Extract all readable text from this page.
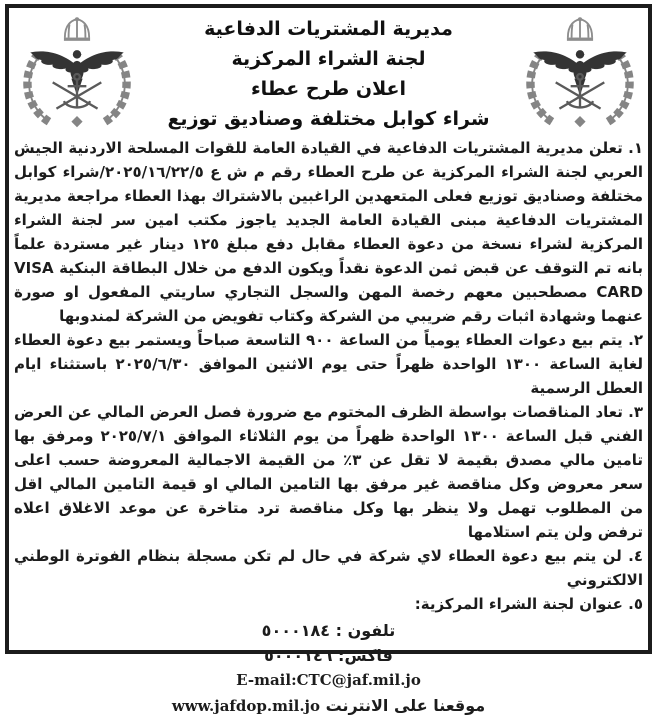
مديرية المشتريات الدفاعية
لجنة الشراء المركزية
اعلان طرح عطاء
شراء كوابل مختلفة وصناديق توزيع

١. تعلن مديرية المشتريات الدفاعية في القيادة العامة للقوات المسلحة الاردنية الجيش العربي لجنة الشراء المركزية عن طرح العطاء رقم م ش ع ٢٠٢٥/١٦/٢٢/٥/شراء كوابل مختلفة وصناديق توزيع فعلى المتعهدين الراغبين بالاشتراك بهذا العطاء مراجعة مديرية المشتريات الدفاعية مبنى القيادة العامة الجديد ياجوز مكتب امين سر لجنة الشراء المركزية لشراء نسخة من دعوة العطاء مقابل دفع مبلغ ١٢٥ دينار غير مستردة علماً بانه تم التوقف عن قبض ثمن الدعوة نقداً ويكون الدفع من خلال البطاقة البنكية VISA CARD مصطحبين معهم رخصة المهن والسجل التجاري ساريتي المفعول او صورة عنهما وشهادة اثبات رقم ضريبي من الشركة وكتاب تفويض من الشركة لمندوبها

٢. يتم بيع دعوات العطاء يومياً من الساعة ٩٠٠ التاسعة صباحاً ويستمر بيع دعوة العطاء لغاية الساعة ١٣٠٠ الواحدة ظهراً حتى يوم الاثنين الموافق ٢٠٢٥/٦/٣٠ باستثناء ايام العطل الرسمية

٣. تعاد المناقصات بواسطة الظرف المختوم مع ضرورة فصل العرض المالي عن العرض الفني قبل الساعة ١٣٠٠ الواحدة ظهراً من يوم الثلاثاء الموافق ٢٠٢٥/٧/١ ومرفق بها تامين مالي مصدق بقيمة لا تقل عن ٣٪ من القيمة الاجمالية المعروضة حسب اعلى سعر معروض وكل مناقصة غير مرفق بها التامين المالي او قيمة التامين المالي اقل من المطلوب تهمل ولا ينظر بها وكل مناقصة ترد متاخرة عن موعد الاغلاق اعلاه ترفض ولن يتم استلامها

٤. لن يتم بيع دعوة العطاء لاي شركة في حال لم تكن مسجلة بنظام الفوترة الوطني الالكتروني

٥. عنوان لجنة الشراء المركزية:

تلفون : ٥٠٠٠١٨٤
فاكس: ٥٠٠٠١٤٦
E-mail:CTC@jaf.mil.jo
موقعنا على الانترنت www.jafdop.mil.jo
